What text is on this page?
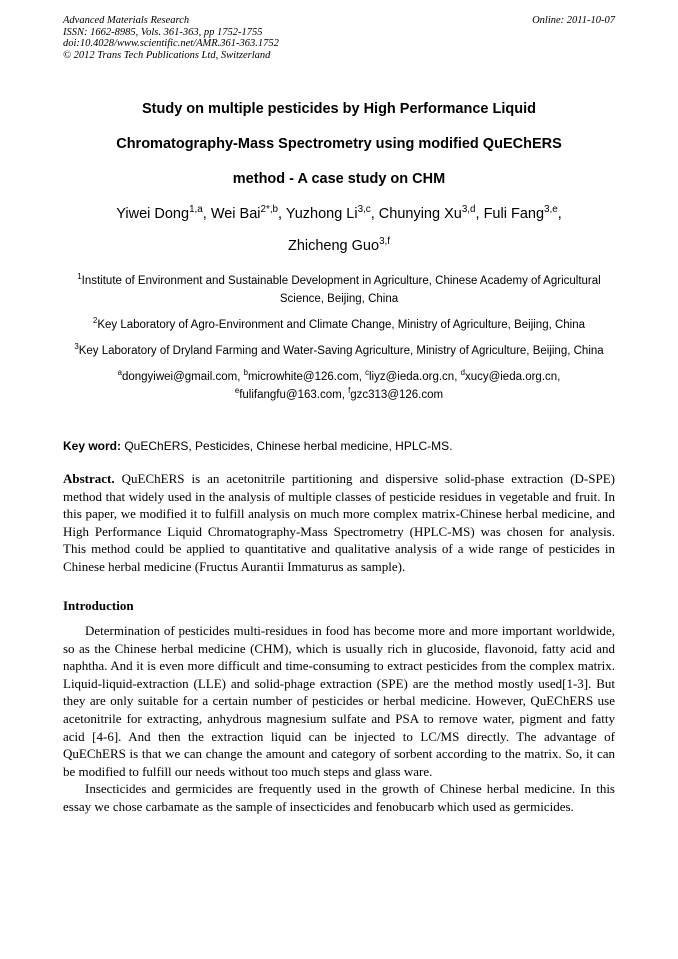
Advanced Materials Research
ISSN: 1662-8985, Vols. 361-363, pp 1752-1755
doi:10.4028/www.scientific.net/AMR.361-363.1752
© 2012 Trans Tech Publications Ltd, Switzerland
Online: 2011-10-07
Study on multiple pesticides by High Performance Liquid
Chromatography-Mass Spectrometry using modified QuEChERS
method - A case study on CHM
Yiwei Dong$^{1,a}$, Wei Bai$^{2*,b}$, Yuzhong Li$^{3,c}$, Chunying Xu$^{3,d}$, Fuli Fang$^{3,e}$,
Zhicheng Guo$^{3,f}$

$^1$Institute of Environment and Sustainable Development in Agriculture, Chinese Academy of Agricultural Science, Beijing, China

$^2$Key Laboratory of Agro-Environment and Climate Change, Ministry of Agriculture, Beijing, China

$^3$Key Laboratory of Dryland Farming and Water-Saving Agriculture, Ministry of Agriculture, Beijing, China

$^a$dongyiwei@gmail.com, $^b$microwhite@126.com, $^c$liyz@ieda.org.cn, $^d$xucy@ieda.org.cn,
$^e$fulifangfu@163.com, $^f$gzc313@126.com

Key word: QuEChERS, Pesticides, Chinese herbal medicine, HPLC-MS.
Abstract. QuEChERS is an acetonitrile partitioning and dispersive solid-phase extraction (D-SPE) method that widely used in the analysis of multiple classes of pesticide residues in vegetable and fruit. In this paper, we modified it to fulfill analysis on much more complex matrix-Chinese herbal medicine, and High Performance Liquid Chromatography-Mass Spectrometry (HPLC-MS) was chosen for analysis. This method could be applied to quantitative and qualitative analysis of a wide range of pesticides in Chinese herbal medicine (Fructus Aurantii Immaturus as sample).
Introduction

Determination of pesticides multi-residues in food has become more and more important worldwide, so as the Chinese herbal medicine (CHM), which is usually rich in glucoside, flavonoid, fatty acid and naphtha. And it is even more difficult and time-consuming to extract pesticides from the complex matrix. Liquid-liquid-extraction (LLE) and solid-phage extraction (SPE) are the method mostly used[1-3]. But they are only suitable for a certain number of pesticides or herbal medicine. However, QuEChERS use acetonitrile for extracting, anhydrous magnesium sulfate and PSA to remove water, pigment and fatty acid [4-6]. And then the extraction liquid can be injected to LC/MS directly. The advantage of QuEChERS is that we can change the amount and category of sorbent according to the matrix. So, it can be modified to fulfill our needs without too much steps and glass ware.

Insecticides and germicides are frequently used in the growth of Chinese herbal medicine. In this essay we chose carbamate as the sample of insecticides and fenobucarb which used as germicides.
